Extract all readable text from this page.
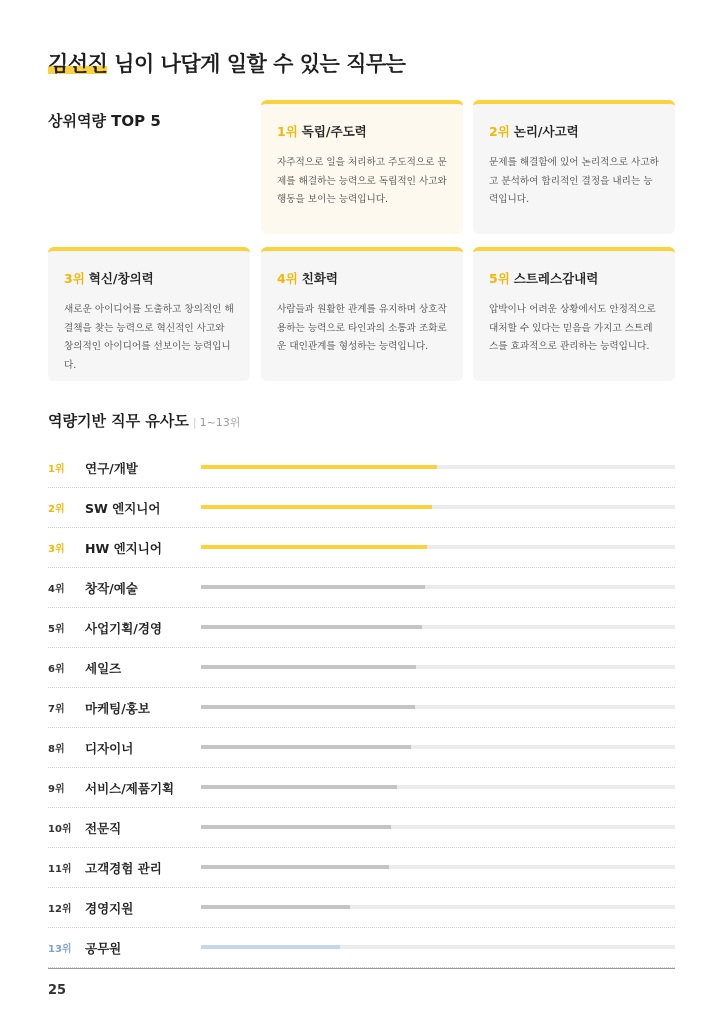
김선진 님이 나답게 일할 수 있는 직무는
상위역량 TOP 5
1위 독립/주도력
자주적으로 일을 처리하고 주도적으로 문제를 해결하는 능력으로 독립적인 사고와 행동을 보이는 능력입니다.
2위 논리/사고력
문제를 해결함에 있어 논리적으로 사고하고 분석하여 합리적인 결정을 내리는 능력입니다.
3위 혁신/창의력
새로운 아이디어를 도출하고 창의적인 해결책을 찾는 능력으로 혁신적인 사고와 창의적인 아이디어를 선보이는 능력입니다.
4위 친화력
사람들과 원활한 관계를 유지하며 상호작용하는 능력으로 타인과의 소통과 조화로운 대인관계를 형성하는 능력입니다.
5위 스트레스감내력
압박이나 어려운 상황에서도 안정적으로 대처할 수 있다는 믿음을 가지고 스트레스를 효과적으로 관리하는 능력입니다.
역량기반 직무 유사도 | 1~13위
1위 연구/개발
2위 SW 엔지니어
3위 HW 엔지니어
4위 창작/예술
5위 사업기획/경영
6위 세일즈
7위 마케팅/홍보
8위 디자이너
9위 서비스/제품기획
10위 전문직
11위 고객경험 관리
12위 경영지원
13위 공무원
25
